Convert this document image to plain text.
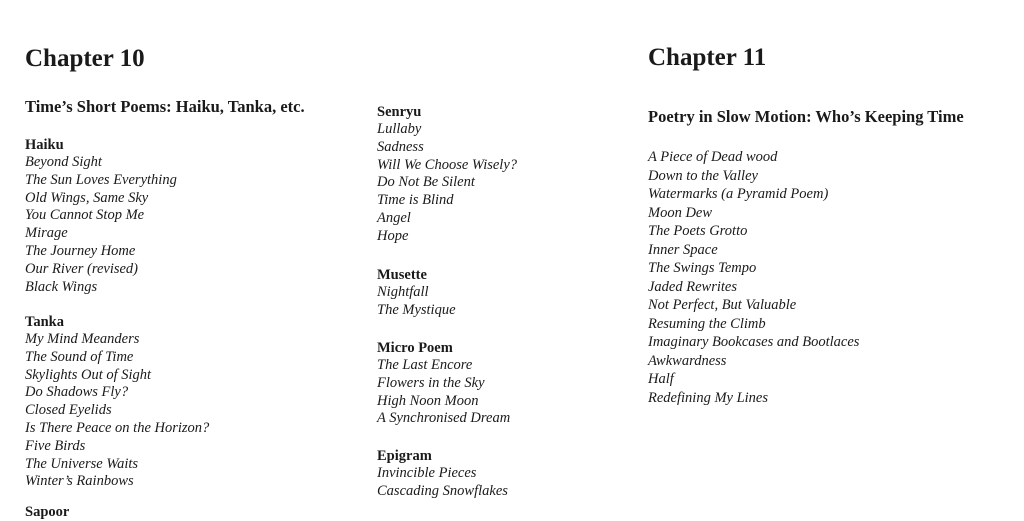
Chapter 10
Time’s Short Poems: Haiku, Tanka, etc.
Haiku
Beyond Sight
The Sun Loves Everything
Old Wings, Same Sky
You Cannot Stop Me
Mirage
The Journey Home
Our River (revised)
Black Wings
Tanka
My Mind Meanders
The Sound of Time
Skylights Out of Sight
Do Shadows Fly?
Closed Eyelids
Is There Peace on the Horizon?
Five Birds
The Universe Waits
Winter’s Rainbows
Sapoor
Senryu
Lullaby
Sadness
Will We Choose Wisely?
Do Not Be Silent
Time is Blind
Angel
Hope
Musette
Nightfall
The Mystique
Micro Poem
The Last Encore
Flowers in the Sky
High Noon Moon
A Synchronised Dream
Epigram
Invincible Pieces
Cascading Snowflakes
Chapter 11
Poetry in Slow Motion: Who’s Keeping Time
A Piece of Dead wood
Down to the Valley
Watermarks (a Pyramid Poem)
Moon Dew
The Poets Grotto
Inner Space
The Swings Tempo
Jaded Rewrites
Not Perfect, But Valuable
Resuming the Climb
Imaginary Bookcases and Bootlaces
Awkwardness
Half
Redefining My Lines
